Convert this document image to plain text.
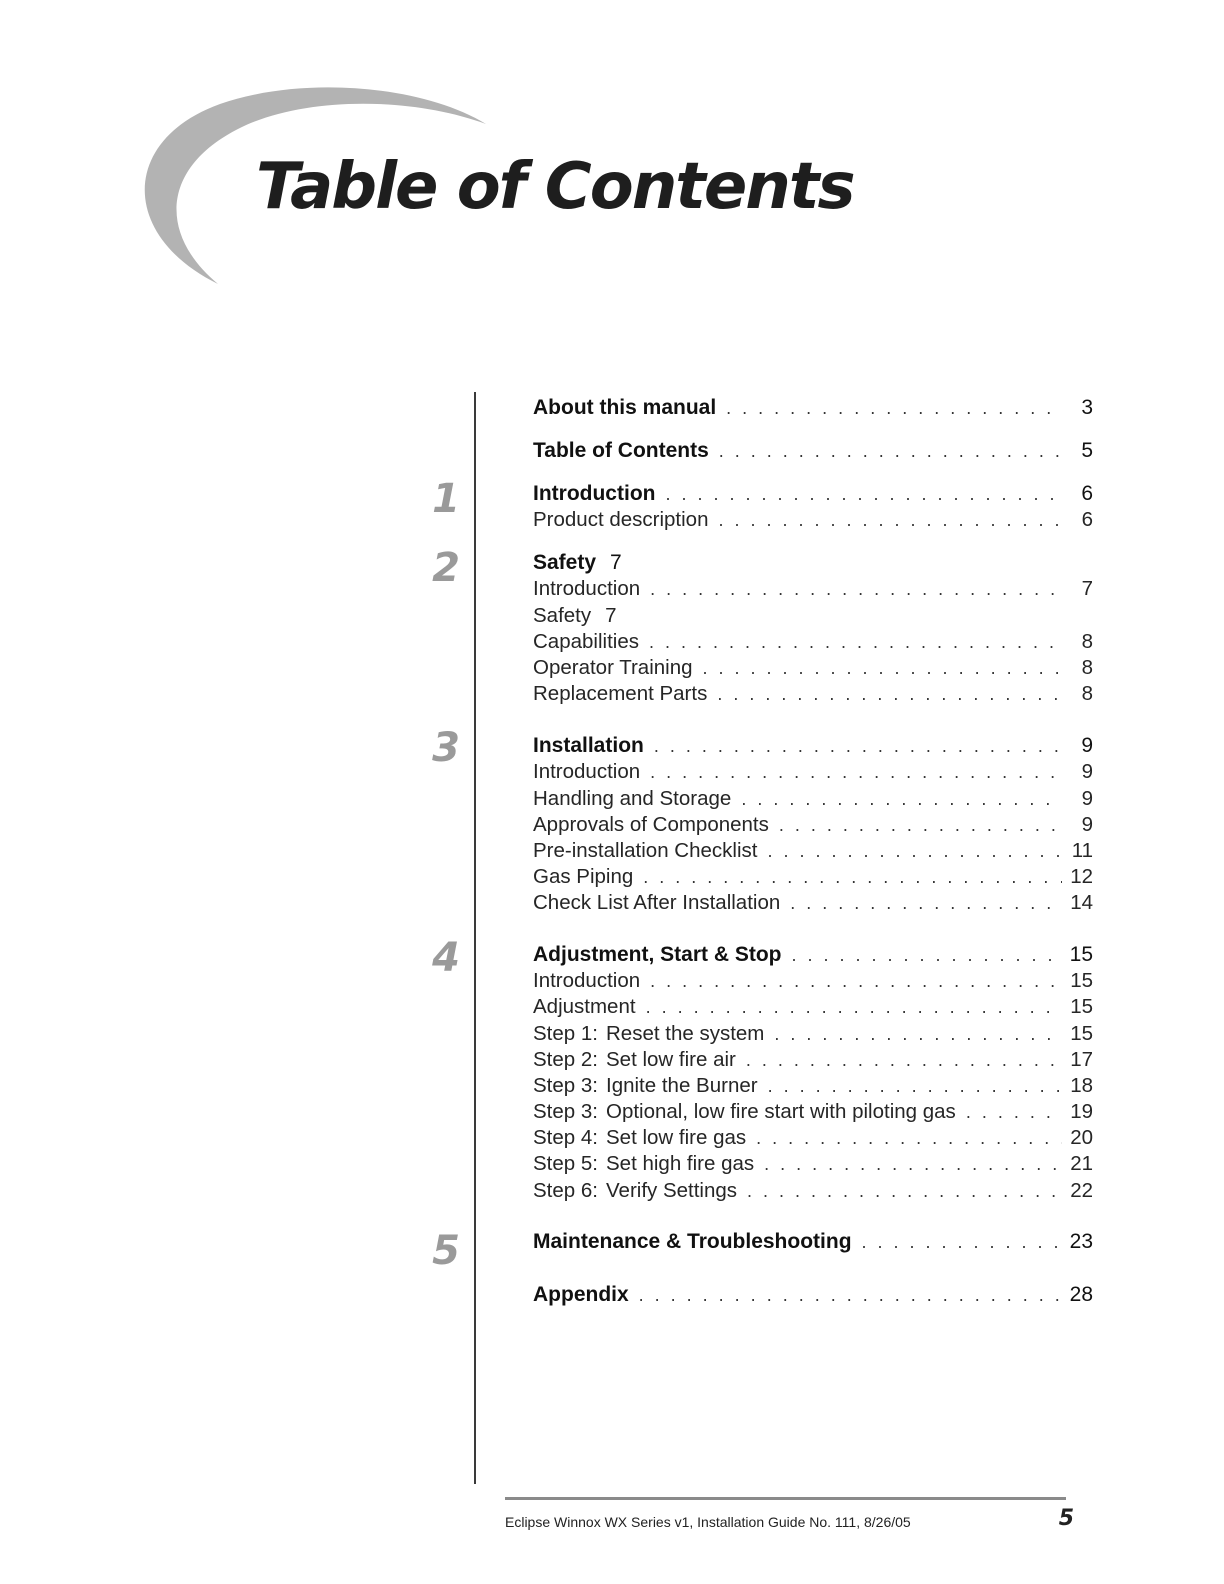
Table of Contents
1
2
3
4
5
About this manual . . .	3
Table of Contents . . .	5
Introduction . . .	6
Product description . . .	6
Safety 7
Introduction . . .	7
Safety 7
Capabilities . . .	8
Operator Training . . .	8
Replacement Parts . . .	8
Installation . . .	9
Introduction . . .	9
Handling and Storage . . .	9
Approvals of Components . . .	9
Pre-installation Checklist . . .	11
Gas Piping . . .	12
Check List After Installation . . .	14
Adjustment, Start & Stop . . .	15
Introduction . . .	15
Adjustment . . .	15
Step 1: Reset the system . . .	15
Step 2: Set low fire air . . .	17
Step 3: Ignite the Burner . . .	18
Step 3: Optional, low fire start with piloting gas . . .	19
Step 4: Set low fire gas . . .	20
Step 5: Set high fire gas . . .	21
Step 6: Verify Settings . . .	22
Maintenance & Troubleshooting . . .	23
Appendix . . .	28
Eclipse Winnox WX Series v1, Installation Guide No. 111, 8/26/05	5
